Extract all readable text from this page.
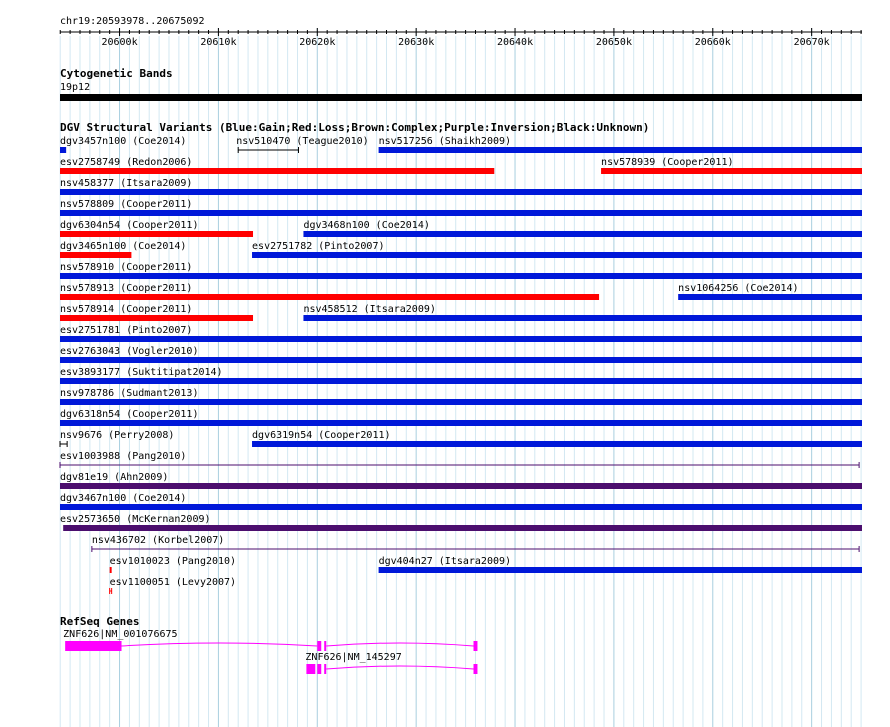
chr19:20593978..20675092
20600k	20610k	20620k	20630k	20640k	20650k	20660k	20670k
Cytogenetic Bands
19p12
DGV Structural Variants (Blue:Gain;Red:Loss;Brown:Complex;Purple:Inversion;Black:Unknown)
dgv3457n100 (Coe2014)	nsv510470 (Teague2010) nsv517256 (Shaikh2009)
esv2758749 (Redon2006)	nsv578939 (Cooper2011)
nsv458377 (Itsara2009)
nsv578809 (Cooper2011)
dgv6304n54 (Cooper2011)	dgv3468n100 (Coe2014)
dgv3465n100 (Coe2014)	esv2751782 (Pinto2007)
nsv578910 (Cooper2011)
nsv578913 (Cooper2011)	nsv1064256 (Coe2014)
nsv578914 (Cooper2011)	nsv458512 (Itsara2009)
esv2751781 (Pinto2007)
esv2763043 (Vogler2010)
esv3893177 (Suktitipat2014)
nsv978786 (Sudmant2013)
dgv6318n54 (Cooper2011)
nsv9676 (Perry2008)	dgv6319n54 (Cooper2011)
esv1003988 (Pang2010)
dgv81e19 (Ahn2009)
dgv3467n100 (Coe2014)
esv2573650 (McKernan2009)
nsv436702 (Korbel2007)
esv1010023 (Pang2010)	dgv404n27 (Itsara2009)
esv1100051 (Levy2007)
RefSeq Genes
ZNF626|NM_001076675
ZNF626|NM_145297
